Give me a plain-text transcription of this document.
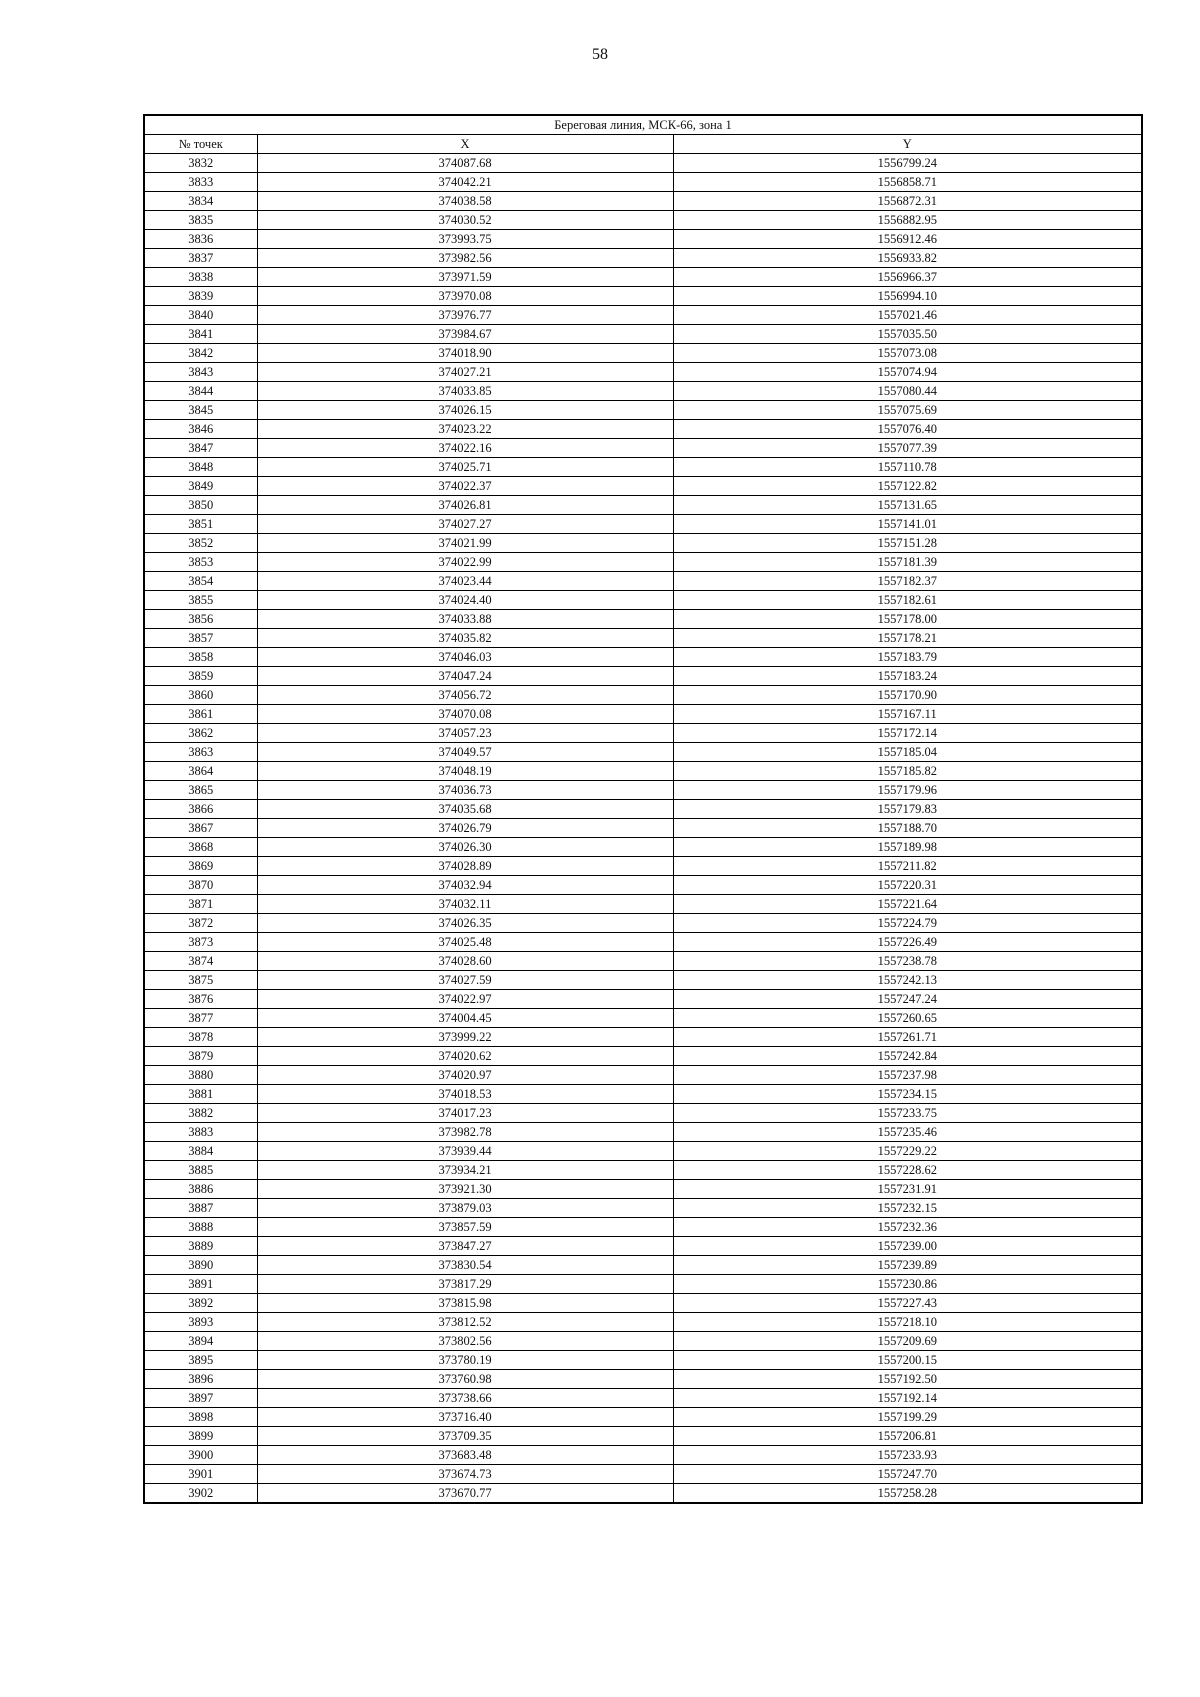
58
Береговая линия, МСК-66, зона 1		
№ точек	X	Y
3832	374087.68	1556799.24
3833	374042.21	1556858.71
3834	374038.58	1556872.31
3835	374030.52	1556882.95
3836	373993.75	1556912.46
3837	373982.56	1556933.82
3838	373971.59	1556966.37
3839	373970.08	1556994.10
3840	373976.77	1557021.46
3841	373984.67	1557035.50
3842	374018.90	1557073.08
3843	374027.21	1557074.94
3844	374033.85	1557080.44
3845	374026.15	1557075.69
3846	374023.22	1557076.40
3847	374022.16	1557077.39
3848	374025.71	1557110.78
3849	374022.37	1557122.82
3850	374026.81	1557131.65
3851	374027.27	1557141.01
3852	374021.99	1557151.28
3853	374022.99	1557181.39
3854	374023.44	1557182.37
3855	374024.40	1557182.61
3856	374033.88	1557178.00
3857	374035.82	1557178.21
3858	374046.03	1557183.79
3859	374047.24	1557183.24
3860	374056.72	1557170.90
3861	374070.08	1557167.11
3862	374057.23	1557172.14
3863	374049.57	1557185.04
3864	374048.19	1557185.82
3865	374036.73	1557179.96
3866	374035.68	1557179.83
3867	374026.79	1557188.70
3868	374026.30	1557189.98
3869	374028.89	1557211.82
3870	374032.94	1557220.31
3871	374032.11	1557221.64
3872	374026.35	1557224.79
3873	374025.48	1557226.49
3874	374028.60	1557238.78
3875	374027.59	1557242.13
3876	374022.97	1557247.24
3877	374004.45	1557260.65
3878	373999.22	1557261.71
3879	374020.62	1557242.84
3880	374020.97	1557237.98
3881	374018.53	1557234.15
3882	374017.23	1557233.75
3883	373982.78	1557235.46
3884	373939.44	1557229.22
3885	373934.21	1557228.62
3886	373921.30	1557231.91
3887	373879.03	1557232.15
3888	373857.59	1557232.36
3889	373847.27	1557239.00
3890	373830.54	1557239.89
3891	373817.29	1557230.86
3892	373815.98	1557227.43
3893	373812.52	1557218.10
3894	373802.56	1557209.69
3895	373780.19	1557200.15
3896	373760.98	1557192.50
3897	373738.66	1557192.14
3898	373716.40	1557199.29
3899	373709.35	1557206.81
3900	373683.48	1557233.93
3901	373674.73	1557247.70
3902	373670.77	1557258.28
